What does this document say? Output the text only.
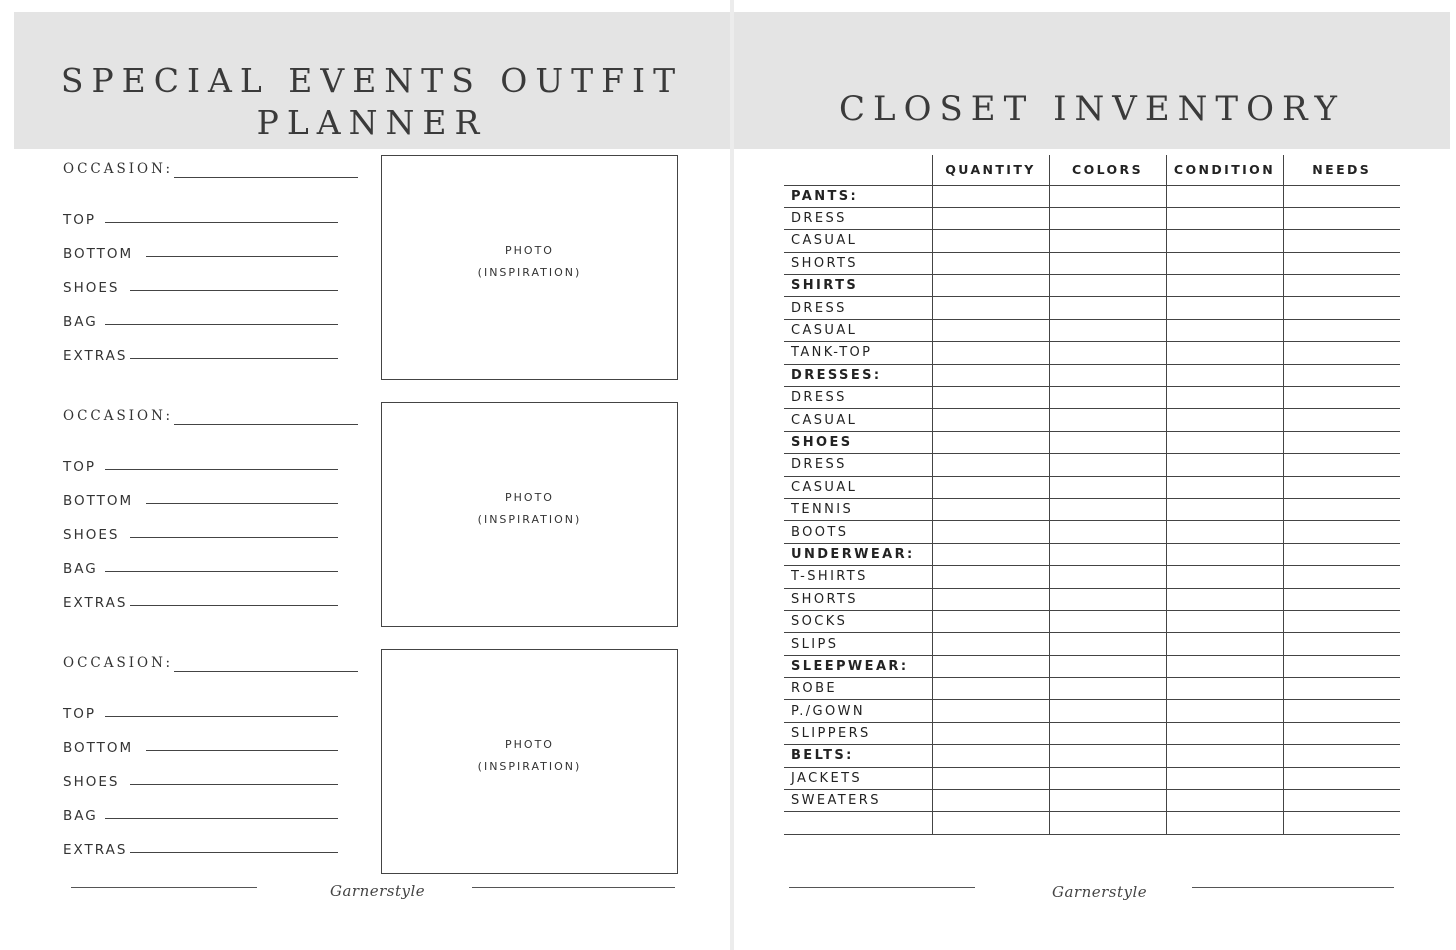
SPECIAL EVENTS OUTFIT
PLANNER
OCCASION:
TOP
BOTTOM
SHOES
BAG
EXTRAS
PHOTO
(INSPIRATION)
OCCASION:
TOP
BOTTOM
SHOES
BAG
EXTRAS
PHOTO
(INSPIRATION)
OCCASION:
TOP
BOTTOM
SHOES
BAG
EXTRAS
PHOTO
(INSPIRATION)
Garnerstyle
CLOSET INVENTORY
	QUANTITY	COLORS	CONDITION	NEEDS
PANTS:				
DRESS				
CASUAL				
SHORTS				
SHIRTS				
DRESS				
CASUAL				
TANK-TOP				
DRESSES:				
DRESS				
CASUAL				
SHOES				
DRESS				
CASUAL				
TENNIS				
BOOTS				
UNDERWEAR:				
T-SHIRTS				
SHORTS				
SOCKS				
SLIPS				
SLEEPWEAR:				
ROBE				
P./GOWN				
SLIPPERS				
BELTS:				
JACKETS				
SWEATERS				

Garnerstyle
